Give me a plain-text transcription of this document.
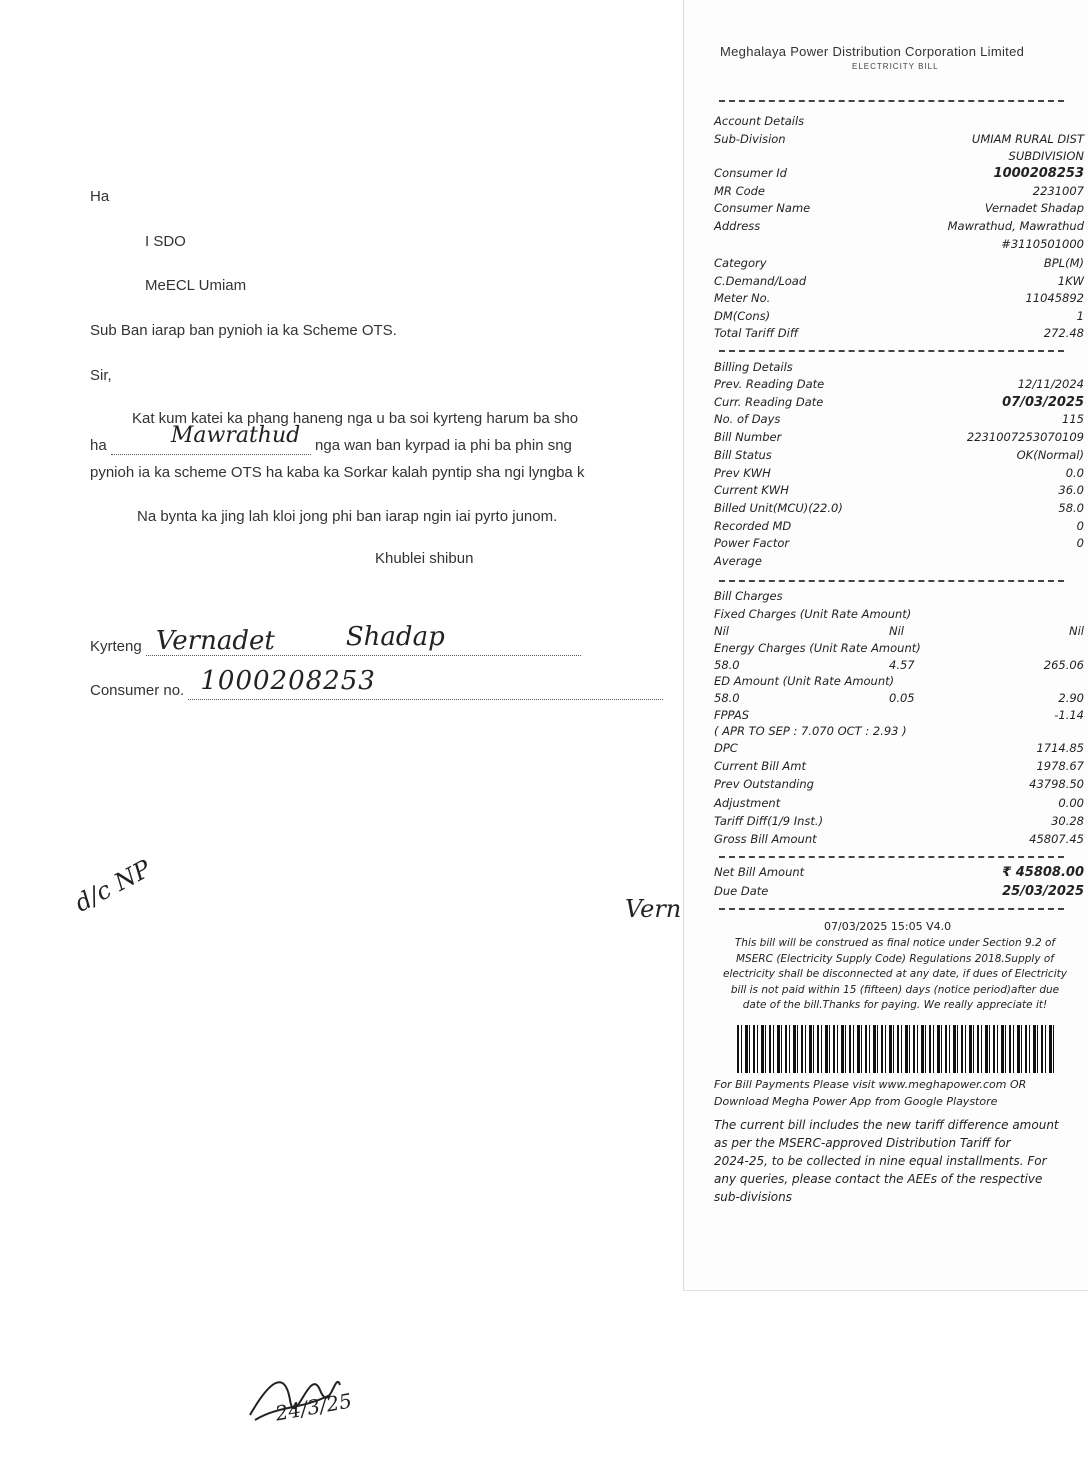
Ha
I SDO
MeECL Umiam
Sub Ban iarap ban pynioh ia ka Scheme OTS.
Sir,
Kat kum katei ka phang haneng nga u ba soi kyrteng harum ba sho
ha	Mawrathud nga wan ban kyrpad ia phi ba phin sng
pynioh ia ka scheme OTS ha kaba ka Sorkar kalah pyntip sha ngi lyngba k
Na bynta ka jing lah kloi jong phi ban iarap ngin iai pyrto junom.
Khublei shibun
Kyrteng Vernadet	Shadap

Consumer no. 1000208253

d/c NP	Vern
24/3/25
Meghalaya Power Distribution Corporation Limited
ELECTRICITY BILL
Account Details
Sub-Division	UMIAM RURAL DIST
SUBDIVISION
Consumer Id	1000208253
MR Code	2231007
Consumer Name	Vernadet Shadap
Address	Mawrathud, Mawrathud
#3110501000
Category	BPL(M)
C.Demand/Load	1KW
Meter No.	11045892
DM(Cons)	1
Total Tariff Diff	272.48
Billing Details
Prev. Reading Date	12/11/2024
Curr. Reading Date	07/03/2025
No. of Days	115
Bill Number	2231007253070109
Bill Status	OK(Normal)
Prev KWH	0.0
Current KWH	36.0
Billed Unit(MCU)(22.0)	58.0
Recorded MD	0
Power Factor	0
Average
Bill Charges
Fixed Charges (Unit Rate Amount)
Nil	Nil	Nil
Energy Charges (Unit Rate Amount)
58.0	4.57	265.06
ED Amount (Unit Rate Amount)
58.0	0.05	2.90
FPPAS	-1.14
( APR TO SEP : 7.070 OCT : 2.93 )
DPC	1714.85
Current Bill Amt	1978.67
Prev Outstanding	43798.50
Adjustment	0.00
Tariff Diff(1/9 Inst.)	30.28
Gross Bill Amount	45807.45
Net Bill Amount	₹ 45808.00
Due Date	25/03/2025
07/03/2025 15:05 V4.0
This bill will be construed as final notice under Section 9.2 of
MSERC (Electricity Supply Code) Regulations 2018.Supply of
electricity shall be disconnected at any date, if dues of Electricity
bill is not paid within 15 (fifteen) days (notice period)after due
date of the bill.Thanks for paying. We really appreciate it!
For Bill Payments Please visit www.meghapower.com OR
Download Megha Power App from Google Playstore
The current bill includes the new tariff difference amount
as per the MSERC-approved Distribution Tariff for
2024-25, to be collected in nine equal installments. For
any queries, please contact the AEEs of the respective
sub-divisions
